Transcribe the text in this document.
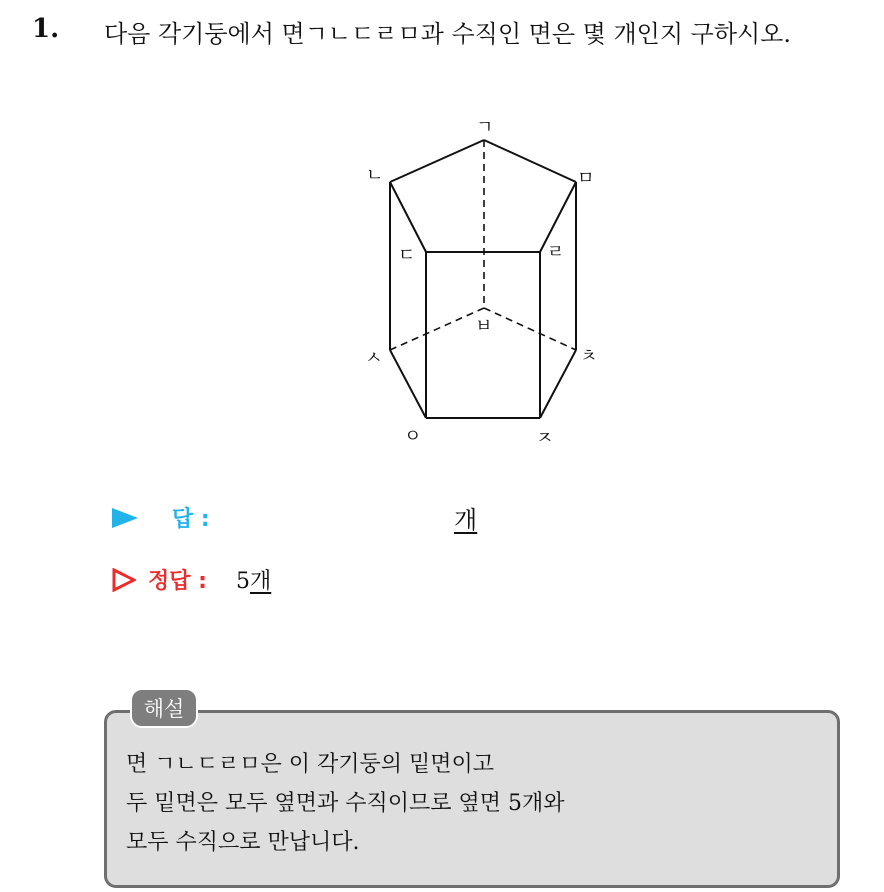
1. 다음 각기둥에서 면ㄱㄴㄷㄹㅁ과 수직인 면은 몇 개인지 구하시오.
ㄱ
ㄴ	ㅁ
ㄷ	ㄹ
ㅂ
ㅅ	ㅊ
ㅇ	ㅈ
답 :	개
정답 : 5개
해설
면 ㄱㄴㄷㄹㅁ은 이 각기둥의 밑면이고
두 밑면은 모두 옆면과 수직이므로 옆면 5개와
모두 수직으로 만납니다.
